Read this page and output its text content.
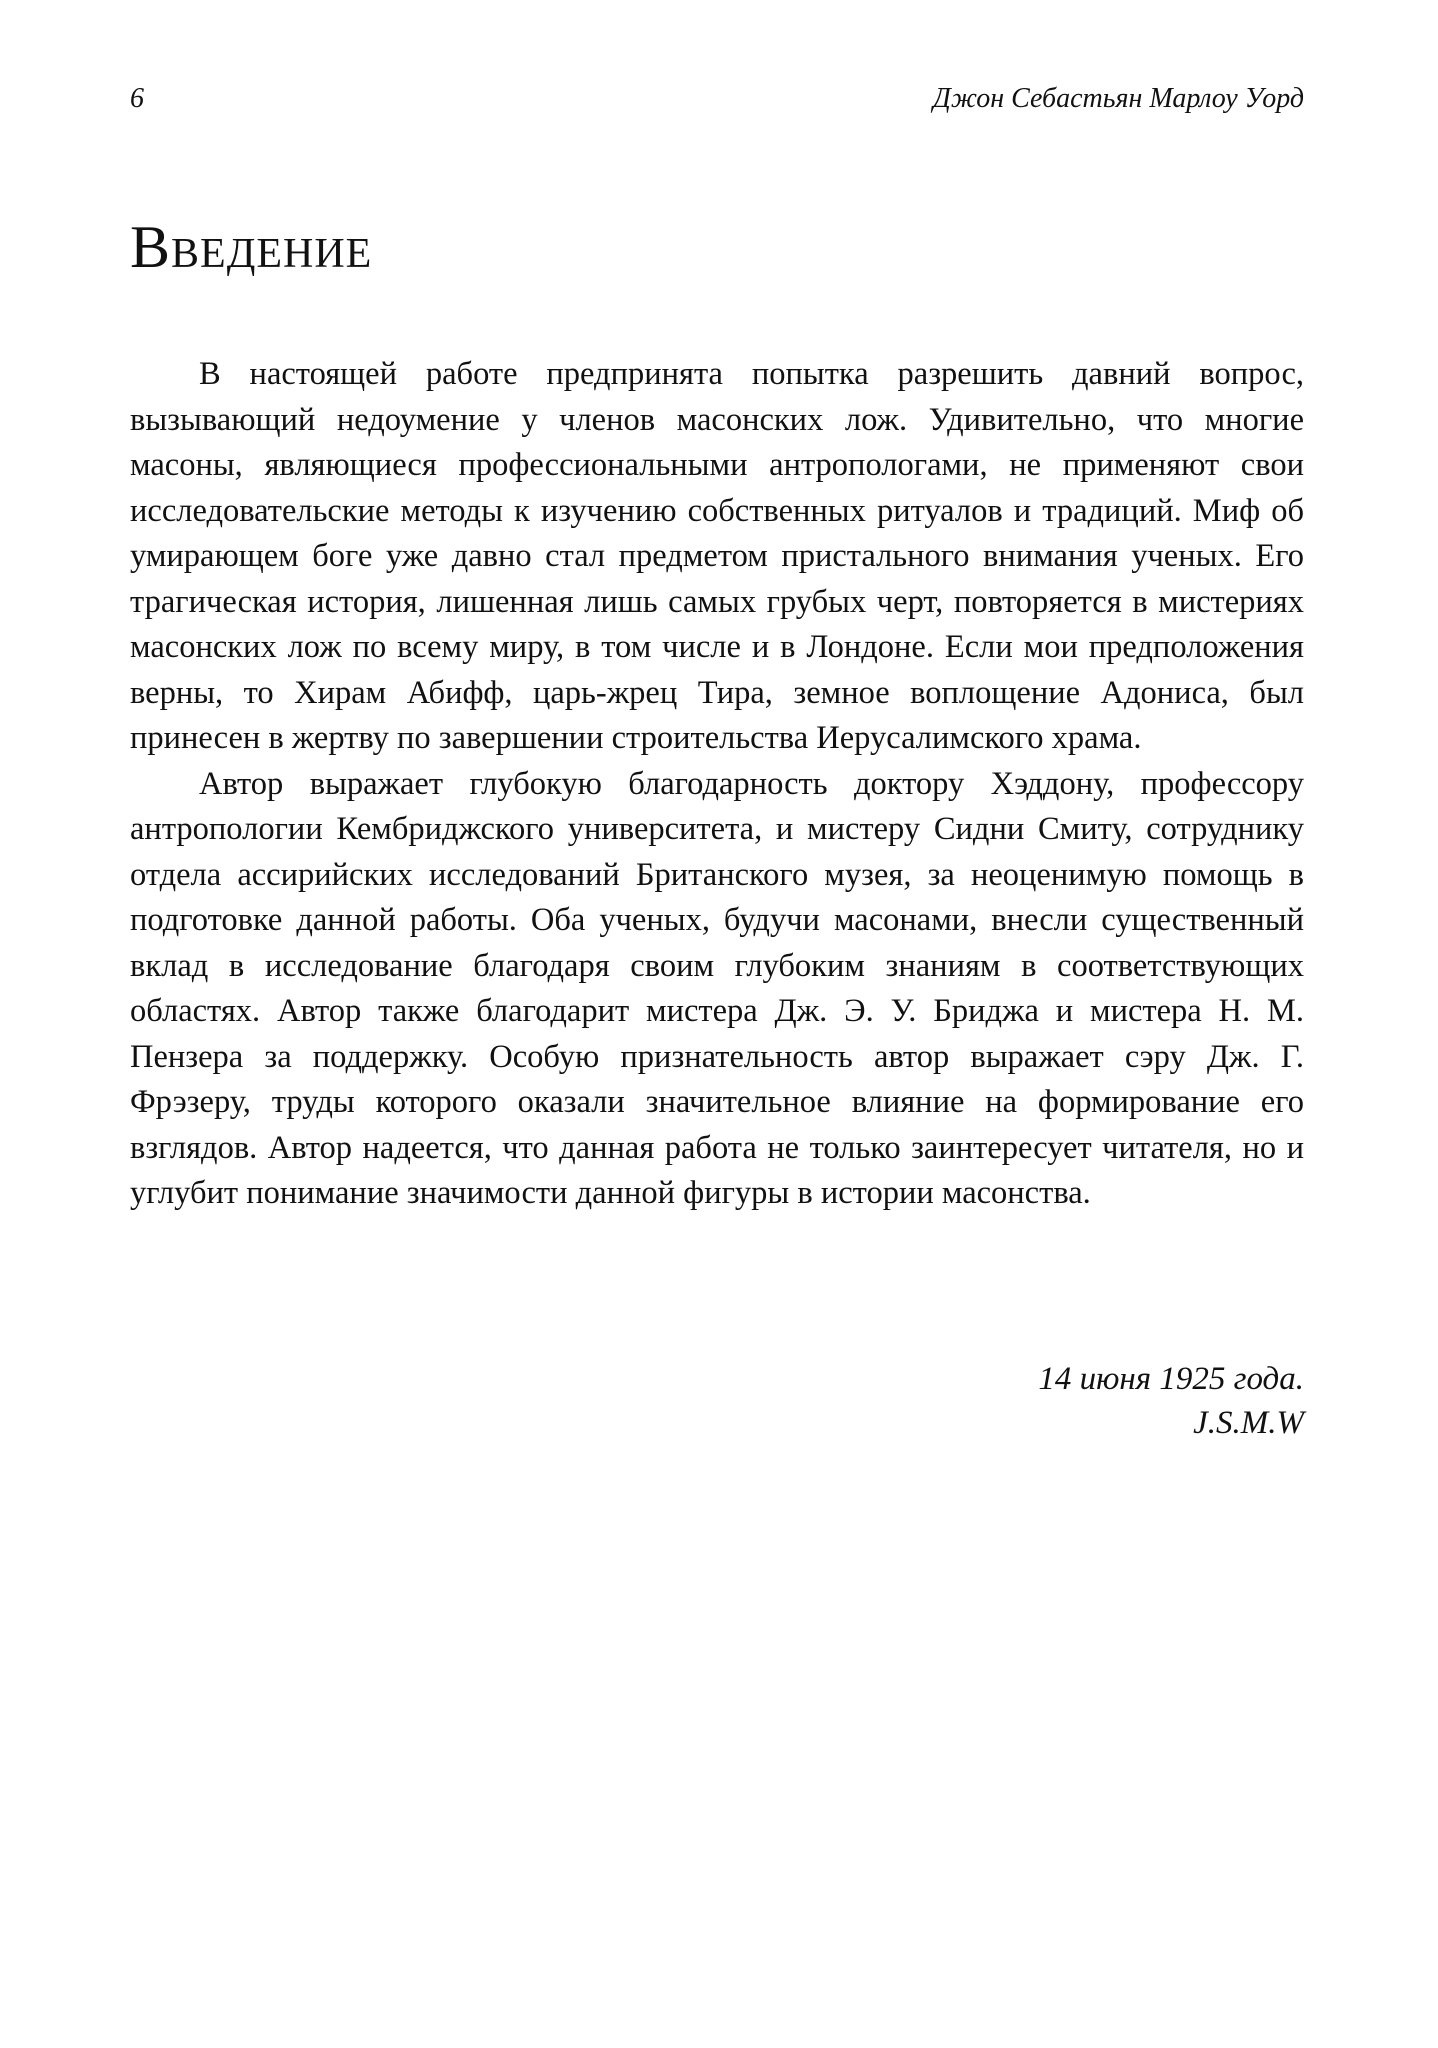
6	Джон Себастьян Марлоу Уорд
Введение

В настоящей работе предпринята попытка разрешить давний вопрос, вызывающий недоумение у членов масонских лож. Удивительно, что многие масоны, являющиеся профессиональными антропологами, не применяют свои исследовательские методы к изучению собственных ритуалов и традиций. Миф об умирающем боге уже давно стал предметом пристального внимания ученых. Его трагическая история, лишенная лишь самых грубых черт, повторяется в мистериях масонских лож по всему миру, в том числе и в Лондоне. Если мои предположения верны, то Хирам Абифф, царь-жрец Тира, земное воплощение Адониса, был принесен в жертву по завершении строительства Иерусалимского храма.

Автор выражает глубокую благодарность доктору Хэддону, профессору антропологии Кембриджского университета, и мистеру Сидни Смиту, сотруднику отдела ассирийских исследований Британского музея, за неоценимую помощь в подготовке данной работы. Оба ученых, будучи масонами, внесли существенный вклад в исследование благодаря своим глубоким знаниям в соответствующих областях. Автор также благодарит мистера Дж. Э. У. Бриджа и мистера Н. М. Пензера за поддержку. Особую признательность автор выражает сэру Дж. Г. Фрэзеру, труды которого оказали значительное влияние на формирование его взглядов. Автор надеется, что данная работа не только заинтересует читателя, но и углубит понимание значимости данной фигуры в истории масонства.

14 июня 1925 года.
J.S.M.W
